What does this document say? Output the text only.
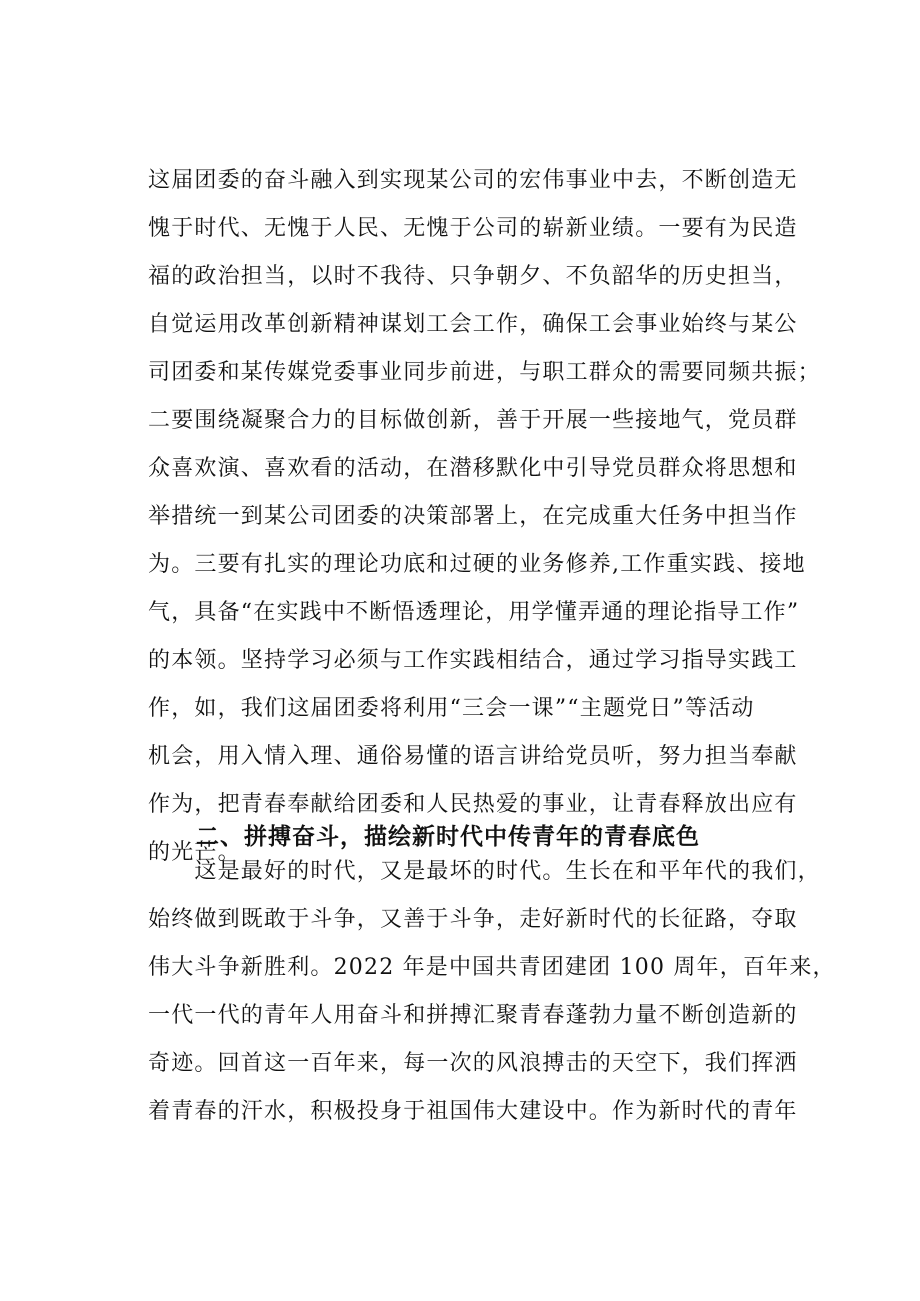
这届团委的奋斗融入到实现某公司的宏伟事业中去，不断创造无
愧于时代、无愧于人民、无愧于公司的崭新业绩。一要有为民造
福的政治担当，以时不我待、只争朝夕、不负韶华的历史担当，
自觉运用改革创新精神谋划工会工作，确保工会事业始终与某公
司团委和某传媒党委事业同步前进，与职工群众的需要同频共振；
二要围绕凝聚合力的目标做创新，善于开展一些接地气，党员群
众喜欢演、喜欢看的活动，在潜移默化中引导党员群众将思想和
举措统一到某公司团委的决策部署上，在完成重大任务中担当作
为。三要有扎实的理论功底和过硬的业务修养,工作重实践、接地
气，具备“在实践中不断悟透理论，用学懂弄通的理论指导工作”
的本领。坚持学习必须与工作实践相结合，通过学习指导实践工
作，如，我们这届团委将利用“三会一课”“主题党日”等活动
机会，用入情入理、通俗易懂的语言讲给党员听，努力担当奉献
作为，把青春奉献给团委和人民热爱的事业，让青春释放出应有
的光芒。
二、拼搏奋斗，描绘新时代中传青年的青春底色
　　这是最好的时代，又是最坏的时代。生长在和平年代的我们，
始终做到既敢于斗争，又善于斗争，走好新时代的长征路，夺取
伟大斗争新胜利。2022 年是中国共青团建团 100 周年，百年来，
一代一代的青年人用奋斗和拼搏汇聚青春蓬勃力量不断创造新的
奇迹。回首这一百年来，每一次的风浪搏击的天空下，我们挥洒
着青春的汗水，积极投身于祖国伟大建设中。作为新时代的青年
